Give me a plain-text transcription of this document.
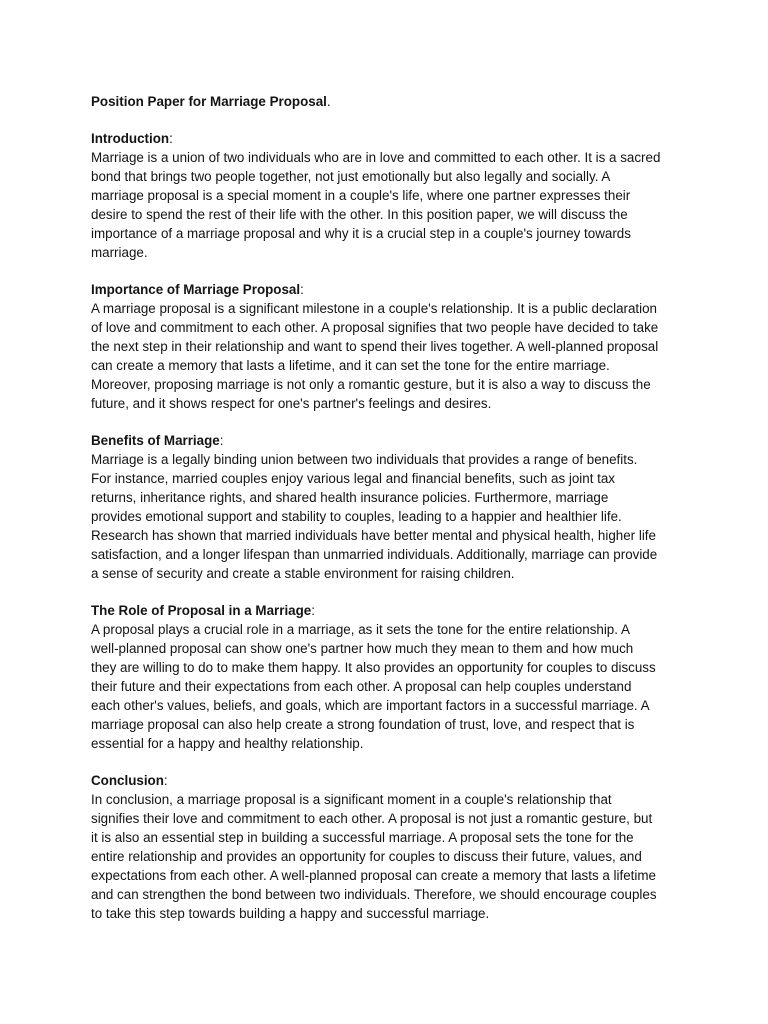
Position Paper for Marriage Proposal.
Introduction:
Marriage is a union of two individuals who are in love and committed to each other. It is a sacred
bond that brings two people together, not just emotionally but also legally and socially. A
marriage proposal is a special moment in a couple's life, where one partner expresses their
desire to spend the rest of their life with the other. In this position paper, we will discuss the
importance of a marriage proposal and why it is a crucial step in a couple's journey towards
marriage.
Importance of Marriage Proposal:
A marriage proposal is a significant milestone in a couple's relationship. It is a public declaration
of love and commitment to each other. A proposal signifies that two people have decided to take
the next step in their relationship and want to spend their lives together. A well-planned proposal
can create a memory that lasts a lifetime, and it can set the tone for the entire marriage.
Moreover, proposing marriage is not only a romantic gesture, but it is also a way to discuss the
future, and it shows respect for one's partner's feelings and desires.
Benefits of Marriage:
Marriage is a legally binding union between two individuals that provides a range of benefits.
For instance, married couples enjoy various legal and financial benefits, such as joint tax
returns, inheritance rights, and shared health insurance policies. Furthermore, marriage
provides emotional support and stability to couples, leading to a happier and healthier life.
Research has shown that married individuals have better mental and physical health, higher life
satisfaction, and a longer lifespan than unmarried individuals. Additionally, marriage can provide
a sense of security and create a stable environment for raising children.
The Role of Proposal in a Marriage:
A proposal plays a crucial role in a marriage, as it sets the tone for the entire relationship. A
well-planned proposal can show one's partner how much they mean to them and how much
they are willing to do to make them happy. It also provides an opportunity for couples to discuss
their future and their expectations from each other. A proposal can help couples understand
each other's values, beliefs, and goals, which are important factors in a successful marriage. A
marriage proposal can also help create a strong foundation of trust, love, and respect that is
essential for a happy and healthy relationship.
Conclusion:
In conclusion, a marriage proposal is a significant moment in a couple's relationship that
signifies their love and commitment to each other. A proposal is not just a romantic gesture, but
it is also an essential step in building a successful marriage. A proposal sets the tone for the
entire relationship and provides an opportunity for couples to discuss their future, values, and
expectations from each other. A well-planned proposal can create a memory that lasts a lifetime
and can strengthen the bond between two individuals. Therefore, we should encourage couples
to take this step towards building a happy and successful marriage.
